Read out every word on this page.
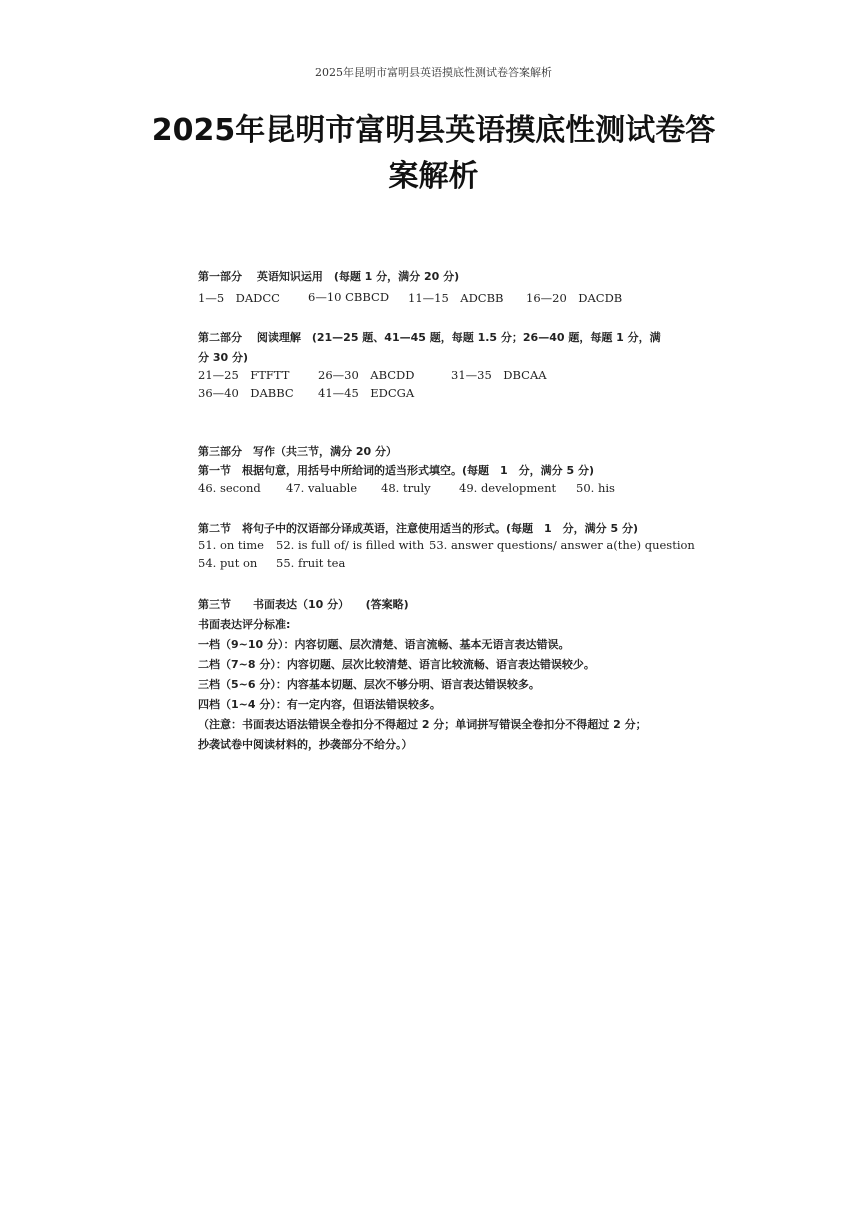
2025年昆明市富明县英语摸底性测试卷答案解析
2025年昆明市富明县英语摸底性测试卷答
案解析
第一部分　 英语知识运用　(每题 1 分，满分 20 分)
1—5　DADCC 6—10 CBBCD 11—15　ADCBB 16—20　DACDB
第二部分　 阅读理解　(21—25 题、41—45 题，每题 1.5 分；26—40 题，每题 1 分，满
分 30 分)
21—25　FTFTT 26—30　ABCDD	31—35　DBCAA
36—40　DABBC 41—45　EDCGA
第三部分　写作（共三节，满分 20 分）
第一节　根据句意，用括号中所给词的适当形式填空。(每题　1　分，满分 5 分)
46. second 47. valuable 48. truly 49. development 50. his
第二节　将句子中的汉语部分译成英语，注意使用适当的形式。(每题　1　分，满分 5 分)
51. on time 52. is full of/ is filled with 53. answer questions/ answer a(the) question
54. put on 55. fruit tea
第三节　　书面表达（10 分）　　(答案略)
书面表达评分标准:
一档（9~10 分）：内容切题、层次清楚、语言流畅、基本无语言表达错误。
二档（7~8 分）：内容切题、层次比较清楚、语言比较流畅、语言表达错误较少。
三档（5~6 分）：内容基本切题、层次不够分明、语言表达错误较多。
四档（1~4 分）：有一定内容，但语法错误较多。
（注意：书面表达语法错误全卷扣分不得超过 2 分；单词拼写错误全卷扣分不得超过 2 分；
抄袭试卷中阅读材料的，抄袭部分不给分。）
